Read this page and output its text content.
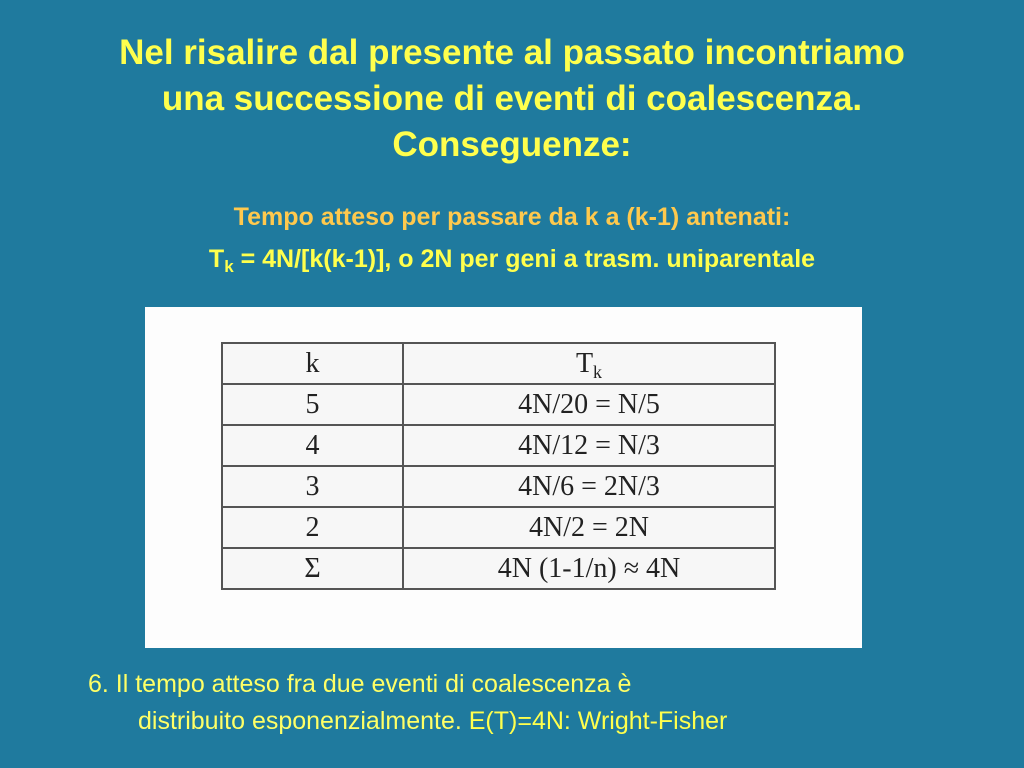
Nel risalire dal presente al passato incontriamo
una successione di eventi di coalescenza.
Conseguenze:
Tempo atteso per passare da k a (k-1) antenati:
$T_k = 4N/[k(k-1)]$, o 2N per geni a trasm. uniparentale
k	$T_k$
5	4N/20 = N/5
4	4N/12 = N/3
3	4N/6 = 2N/3
2	4N/2 = 2N
Σ	4N (1-1/n) ≈ 4N
6. Il tempo atteso fra due eventi di coalescenza è
distribuito esponenzialmente. E(T)=4N: Wright-Fisher
